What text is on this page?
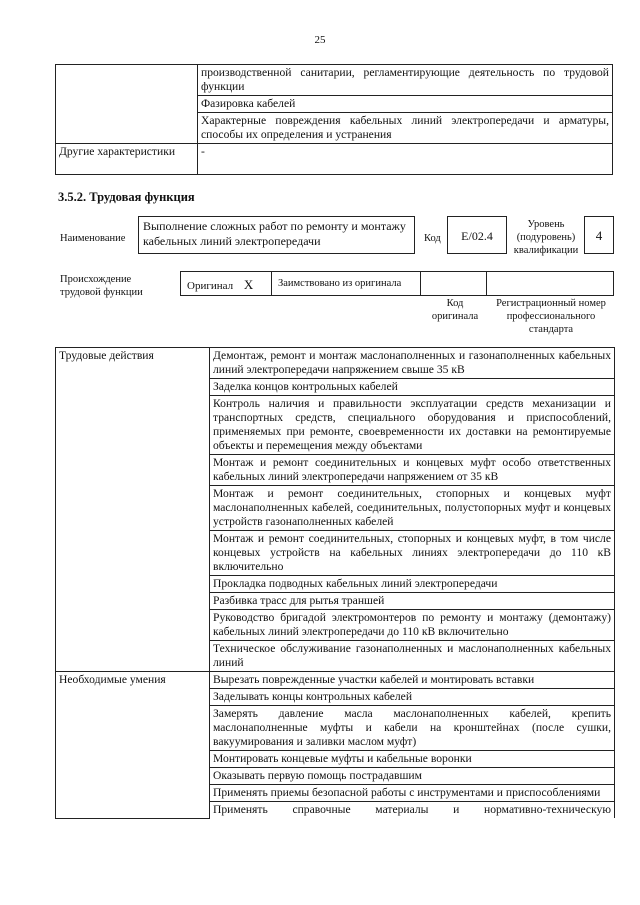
25
	производственной санитарии, регламентирующие деятельность по трудовой функции
	Фазировка кабелей
	Характерные повреждения кабельных линий электропередачи и арматуры, способы их определения и устранения
Другие характеристики	-
3.5.2. Трудовая функция
Наименование
Выполнение сложных работ по ремонту и монтажу кабельных линий электропередачи	Код	E/02.4
Уровень (подуровень) квалификации
4
Происхождение трудовой функции
Оригинал X	Заимствовано из оригинала
Код оригинала
Регистрационный номер профессионального стандарта
Трудовые действия	Демонтаж, ремонт и монтаж маслонаполненных и газонаполненных кабельных линий электропередачи напряжением свыше 35 кВ
	Заделка концов контрольных кабелей
	Контроль наличия и правильности эксплуатации средств механизации и транспортных средств, специального оборудования и приспособлений, применяемых при ремонте, своевременности их доставки на ремонтируемые объекты и перемещения между объектами
	Монтаж и ремонт соединительных и концевых муфт особо ответственных кабельных линий электропередачи напряжением от 35 кВ
	Монтаж и ремонт соединительных, стопорных и концевых муфт маслонаполненных кабелей, соединительных, полустопорных муфт и концевых устройств газонаполненных кабелей
	Монтаж и ремонт соединительных, стопорных и концевых муфт, в том числе концевых устройств на кабельных линиях электропередачи до 110 кВ включительно
	Прокладка подводных кабельных линий электропередачи
	Разбивка трасс для рытья траншей
	Руководство бригадой электромонтеров по ремонту и монтажу (демонтажу) кабельных линий электропередачи до 110 кВ включительно
	Техническое обслуживание газонаполненных и маслонаполненных кабельных линий
Необходимые умения	Вырезать поврежденные участки кабелей и монтировать вставки
	Заделывать концы контрольных кабелей
	Замерять давление масла маслонаполненных кабелей, крепить маслонаполненные муфты и кабели на кронштейнах (после сушки, вакуумирования и заливки маслом муфт)
	Монтировать концевые муфты и кабельные воронки
	Оказывать первую помощь пострадавшим
	Применять приемы безопасной работы с инструментами и приспособлениями
	Применять справочные материалы и нормативно-техническую
